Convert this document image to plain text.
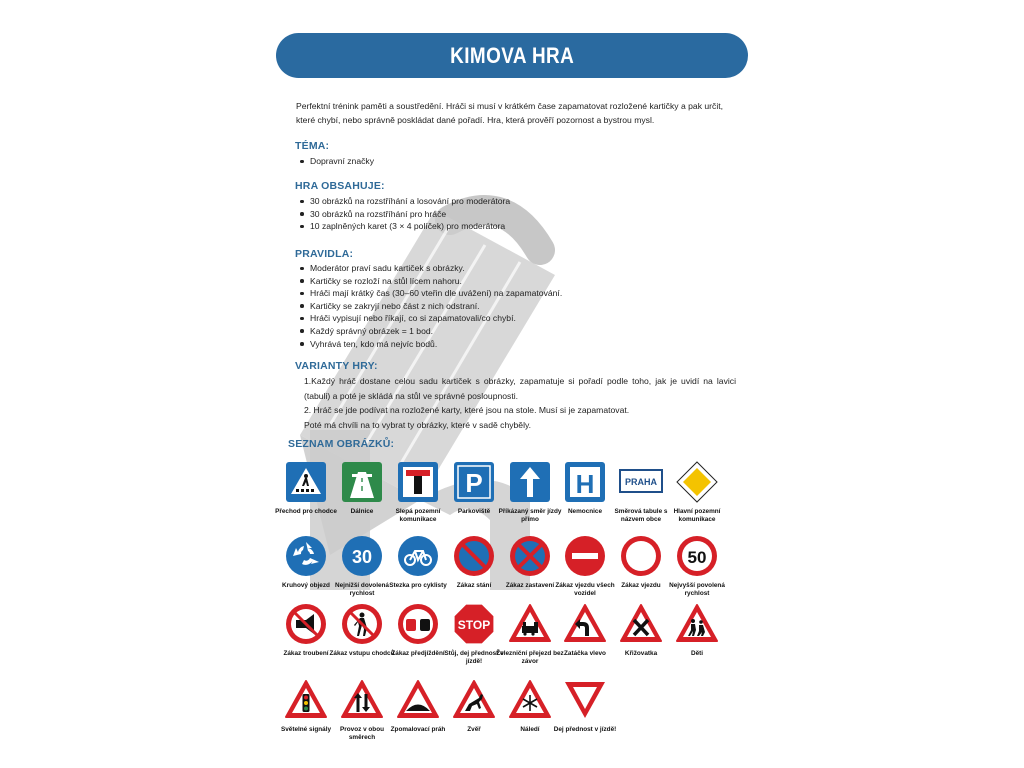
KIMOVA HRA

Perfektní trénink paměti a soustředění. Hráči si musí v krátkém čase zapamatovat rozložené kartičky a pak určit, které chybí, nebo správně poskládat dané pořadí. Hra, která prověří pozornost a bystrou mysl.

TÉMA:
Dopravní značky
HRA OBSAHUJE:
30 obrázků na rozstříhání a losování pro moderátora
30 obrázků na rozstříhání pro hráče
10 zaplněných karet (3 × 4 políček) pro moderátora
PRAVIDLA:
Moderátor praví sadu kartiček s obrázky.
Kartičky se rozloží na stůl lícem nahoru.
Hráči mají krátký čas (30–60 vteřin dle uvážení) na zapamatování.
Kartičky se zakryjí nebo část z nich odstraní.
Hráči vypisují nebo říkají, co si zapamatovali/co chybí.
Každý správný obrázek = 1 bod.
Vyhrává ten, kdo má nejvíc bodů.
VARIANTY HRY:
1.Každý hráč dostane celou sadu kartiček s obrázky, zapamatuje si pořadí podle toho, jak je uvidí na lavici (tabuli) a poté je skládá na stůl ve správné posloupnosti.
2. Hráč se jde podívat na rozložené karty, které jsou na stole. Musí si je zapamatovat. Poté má chvíli na to vybrat ty obrázky, které v sadě chyběly.
SEZNAM OBRÁZKŮ:
Přechod pro chodce	Dálnice	Slepá pozemní komunikace
P
Parkoviště	Příkázaný směr jízdy přímo
H
Nemocnice
PRAHA
Směrová tabule s názvem obce
Hlavní pozemní komunikace
Kruhový objezd
30
Nejnižší dovolená rychlost
Stezka pro cyklisty	Zákaz stání	Zákaz zastavení Zákaz vjezdu všech vozidel
Zákaz vjezdu
50
Nejvyšší povolená rychlost
Zákaz troubení Zákaz vstupu chodců
Zákaz předjíždění
STOP
Stůj, dej přednost v jízdě!
Železniční přejezd bez závor
Zatáčka vlevo	Křižovatka	Děti
Světelné signály	Provoz v obou směrech
Zpomalovací práh	Zvěř	Náledí	Dej přednost v jízdě!
